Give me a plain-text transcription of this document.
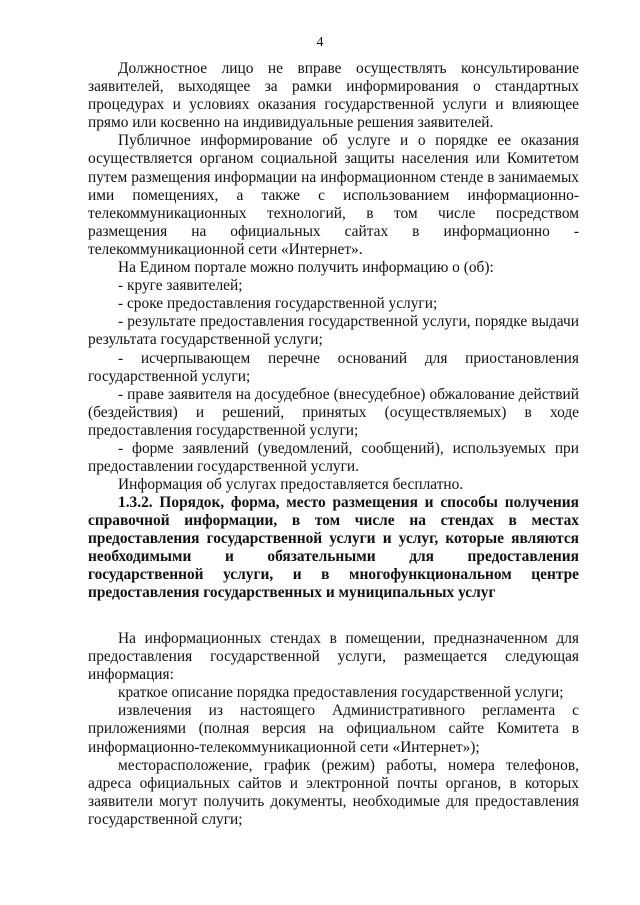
4

Должностное лицо не вправе осуществлять консультирование заявителей, выходящее за рамки информирования о стандартных процедурах и условиях оказания государственной услуги и влияющее прямо или косвенно на индивидуальные решения заявителей.

Публичное информирование об услуге и о порядке ее оказания осуществляется органом социальной защиты населения или Комитетом путем размещения информации на информационном стенде в занимаемых ими помещениях, а также с использованием информационно-телекоммуникационных технологий, в том числе посредством размещения на официальных сайтах в информационно - телекоммуникационной сети «Интернет».

На Едином портале можно получить информацию о (об):

- круге заявителей;

- сроке предоставления государственной услуги;

- результате предоставления государственной услуги, порядке выдачи результата государственной услуги;

- исчерпывающем перечне оснований для приостановления государственной услуги;

- праве заявителя на досудебное (внесудебное) обжалование действий (бездействия) и решений, принятых (осуществляемых) в ходе предоставления государственной услуги;

- форме заявлений (уведомлений, сообщений), используемых при предоставлении государственной услуги.

Информация об услугах предоставляется бесплатно.

1.3.2. Порядок, форма, место размещения и способы получения справочной информации, в том числе на стендах в местах предоставления государственной услуги и услуг, которые являются необходимыми и обязательными для предоставления государственной услуги, и в многофункциональном центре предоставления государственных и муниципальных услуг

На информационных стендах в помещении, предназначенном для предоставления государственной услуги, размещается следующая информация:

краткое описание порядка предоставления государственной услуги;

извлечения из настоящего Административного регламента с приложениями (полная версия на официальном сайте Комитета в информационно-телекоммуникационной сети «Интернет»);

месторасположение, график (режим) работы, номера телефонов, адреса официальных сайтов и электронной почты органов, в которых заявители могут получить документы, необходимые для предоставления государственной слуги;
